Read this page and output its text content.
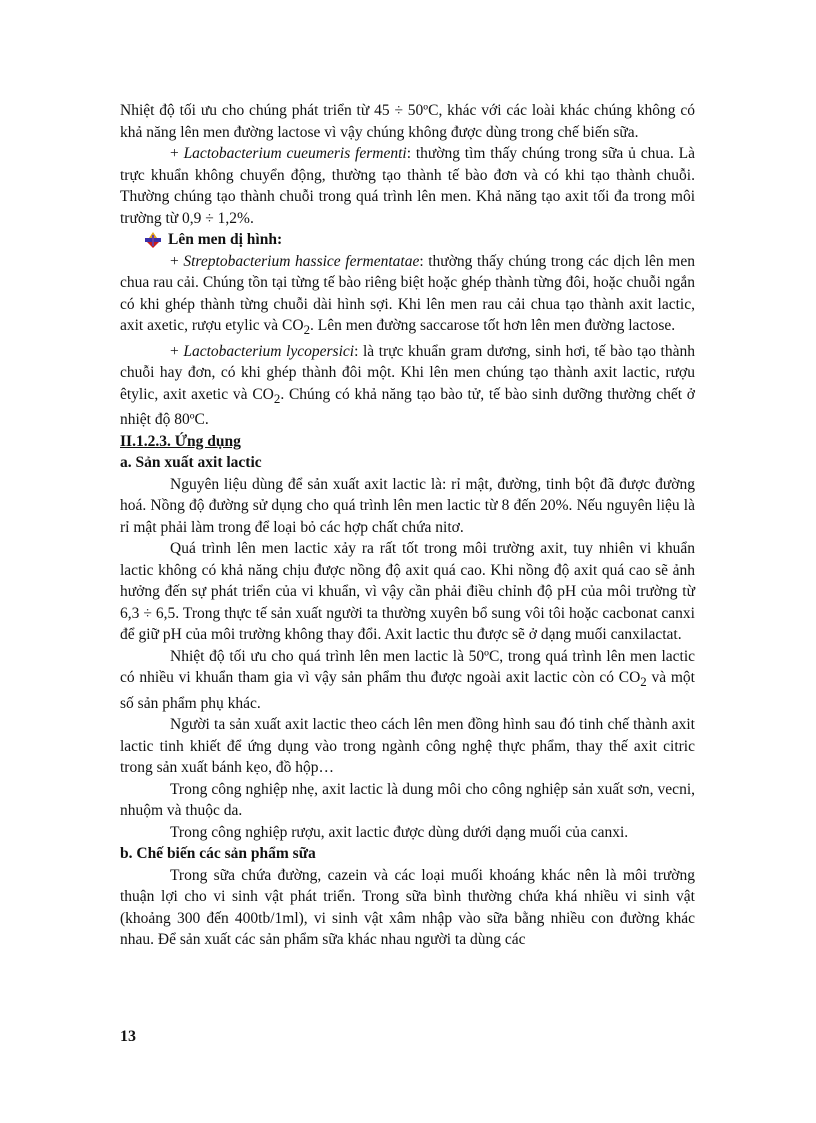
Nhiệt độ tối ưu cho chúng phát triển từ 45 ÷ 50ºC, khác với các loài khác chúng không có khả năng lên men đường lactose vì vậy chúng không được dùng trong chế biến sữa.

+ Lactobacterium cueumeris fermenti: thường tìm thấy chúng trong sữa ủ chua. Là trực khuẩn không chuyển động, thường tạo thành tế bào đơn và có khi tạo thành chuỗi. Thường chúng tạo thành chuỗi trong quá trình lên men. Khả năng tạo axit tối đa trong môi trường từ 0,9 ÷ 1,2%.

Lên men dị hình:

+ Streptobacterium hassice fermentatae: thường thấy chúng trong các dịch lên men chua rau cải. Chúng tồn tại từng tế bào riêng biệt hoặc ghép thành từng đôi, hoặc chuỗi ngắn có khi ghép thành từng chuỗi dài hình sợi. Khi lên men rau cải chua tạo thành axit lactic, axit axetic, rượu etylic và $CO_2$. Lên men đường saccarose tốt hơn lên men đường lactose.

+ Lactobacterium lycopersici: là trực khuẩn gram dương, sinh hơi, tế bào tạo thành chuỗi hay đơn, có khi ghép thành đôi một. Khi lên men chúng tạo thành axit lactic, rượu êtylic, axit axetic và $CO_2$. Chúng có khả năng tạo bào tử, tế bào sinh dưỡng thường chết ở nhiệt độ 80ºC.

II.1.2.3. Ứng dụng

a. Sản xuất axit lactic

Nguyên liệu dùng để sản xuất axit lactic là: rỉ mật, đường, tinh bột đã được đường hoá. Nồng độ đường sử dụng cho quá trình lên men lactic từ 8 đến 20%. Nếu nguyên liệu là rỉ mật phải làm trong để loại bỏ các hợp chất chứa nitơ.

Quá trình lên men lactic xảy ra rất tốt trong môi trường axit, tuy nhiên vi khuẩn lactic không có khả năng chịu được nồng độ axit quá cao. Khi nồng độ axit quá cao sẽ ảnh hưởng đến sự phát triển của vi khuẩn, vì vậy cần phải điều chỉnh độ pH của môi trường từ 6,3 ÷ 6,5. Trong thực tế sản xuất người ta thường xuyên bổ sung vôi tôi hoặc cacbonat canxi để giữ pH của môi trường không thay đổi. Axit lactic thu được sẽ ở dạng muối canxilactat.

Nhiệt độ tối ưu cho quá trình lên men lactic là 50ºC, trong quá trình lên men lactic có nhiều vi khuẩn tham gia vì vậy sản phẩm thu được ngoài axit lactic còn có $CO_2$ và một số sản phẩm phụ khác.

Người ta sản xuất axit lactic theo cách lên men đồng hình sau đó tinh chế thành axit lactic tinh khiết để ứng dụng vào trong ngành công nghệ thực phẩm, thay thế axit citric trong sản xuất bánh kẹo, đồ hộp…

Trong công nghiệp nhẹ, axit lactic là dung môi cho công nghiệp sản xuất sơn, vecni, nhuộm và thuộc da.

Trong công nghiệp rượu, axit lactic được dùng dưới dạng muối của canxi.

b. Chế biến các sản phẩm sữa

Trong sữa chứa đường, cazein và các loại muối khoáng khác nên là môi trường thuận lợi cho vi sinh vật phát triển. Trong sữa bình thường chứa khá nhiều vi sinh vật (khoảng 300 đến 400tb/1ml), vi sinh vật xâm nhập vào sữa bằng nhiều con đường khác nhau. Để sản xuất các sản phẩm sữa khác nhau người ta dùng các

13
